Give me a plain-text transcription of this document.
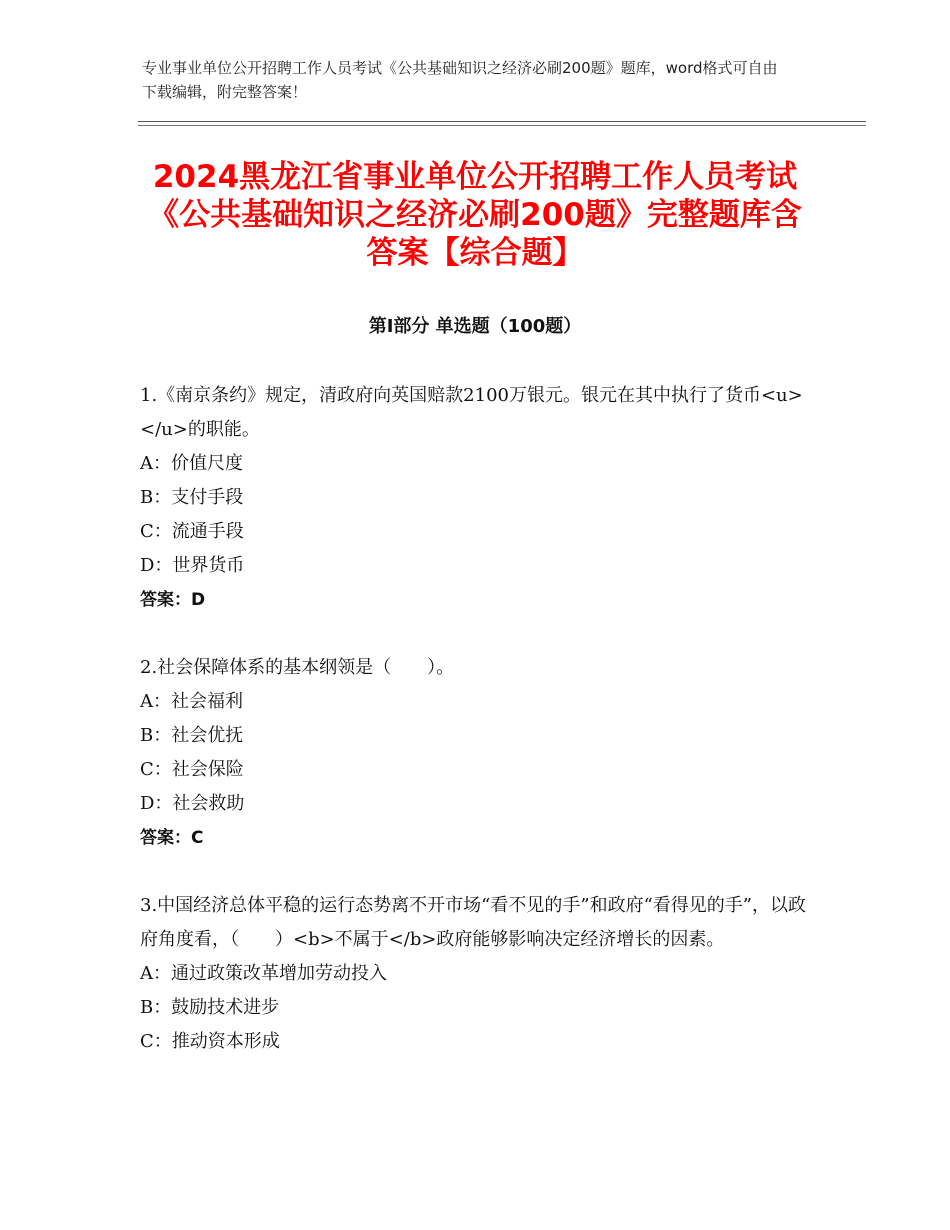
专业事业单位公开招聘工作人员考试《公共基础知识之经济必刷200题》题库，word格式可自由下载编辑，附完整答案！
2024黑龙江省事业单位公开招聘工作人员考试《公共基础知识之经济必刷200题》完整题库含答案【综合题】
第Ⅰ部分 单选题（100题）

1.《南京条约》规定，清政府向英国赔款2100万银元。银元在其中执行了货币<u> </u>的职能。

A：价值尺度

B：支付手段

C：流通手段

D：世界货币

答案：D

2.社会保障体系的基本纲领是（　　）。

A：社会福利

B：社会优抚

C：社会保险

D：社会救助

答案：C

3.中国经济总体平稳的运行态势离不开市场“看不见的手”和政府“看得见的手”，以政府角度看，（　　）<b>不属于</b>政府能够影响决定经济增长的因素。

A：通过政策改革增加劳动投入

B：鼓励技术进步

C：推动资本形成
